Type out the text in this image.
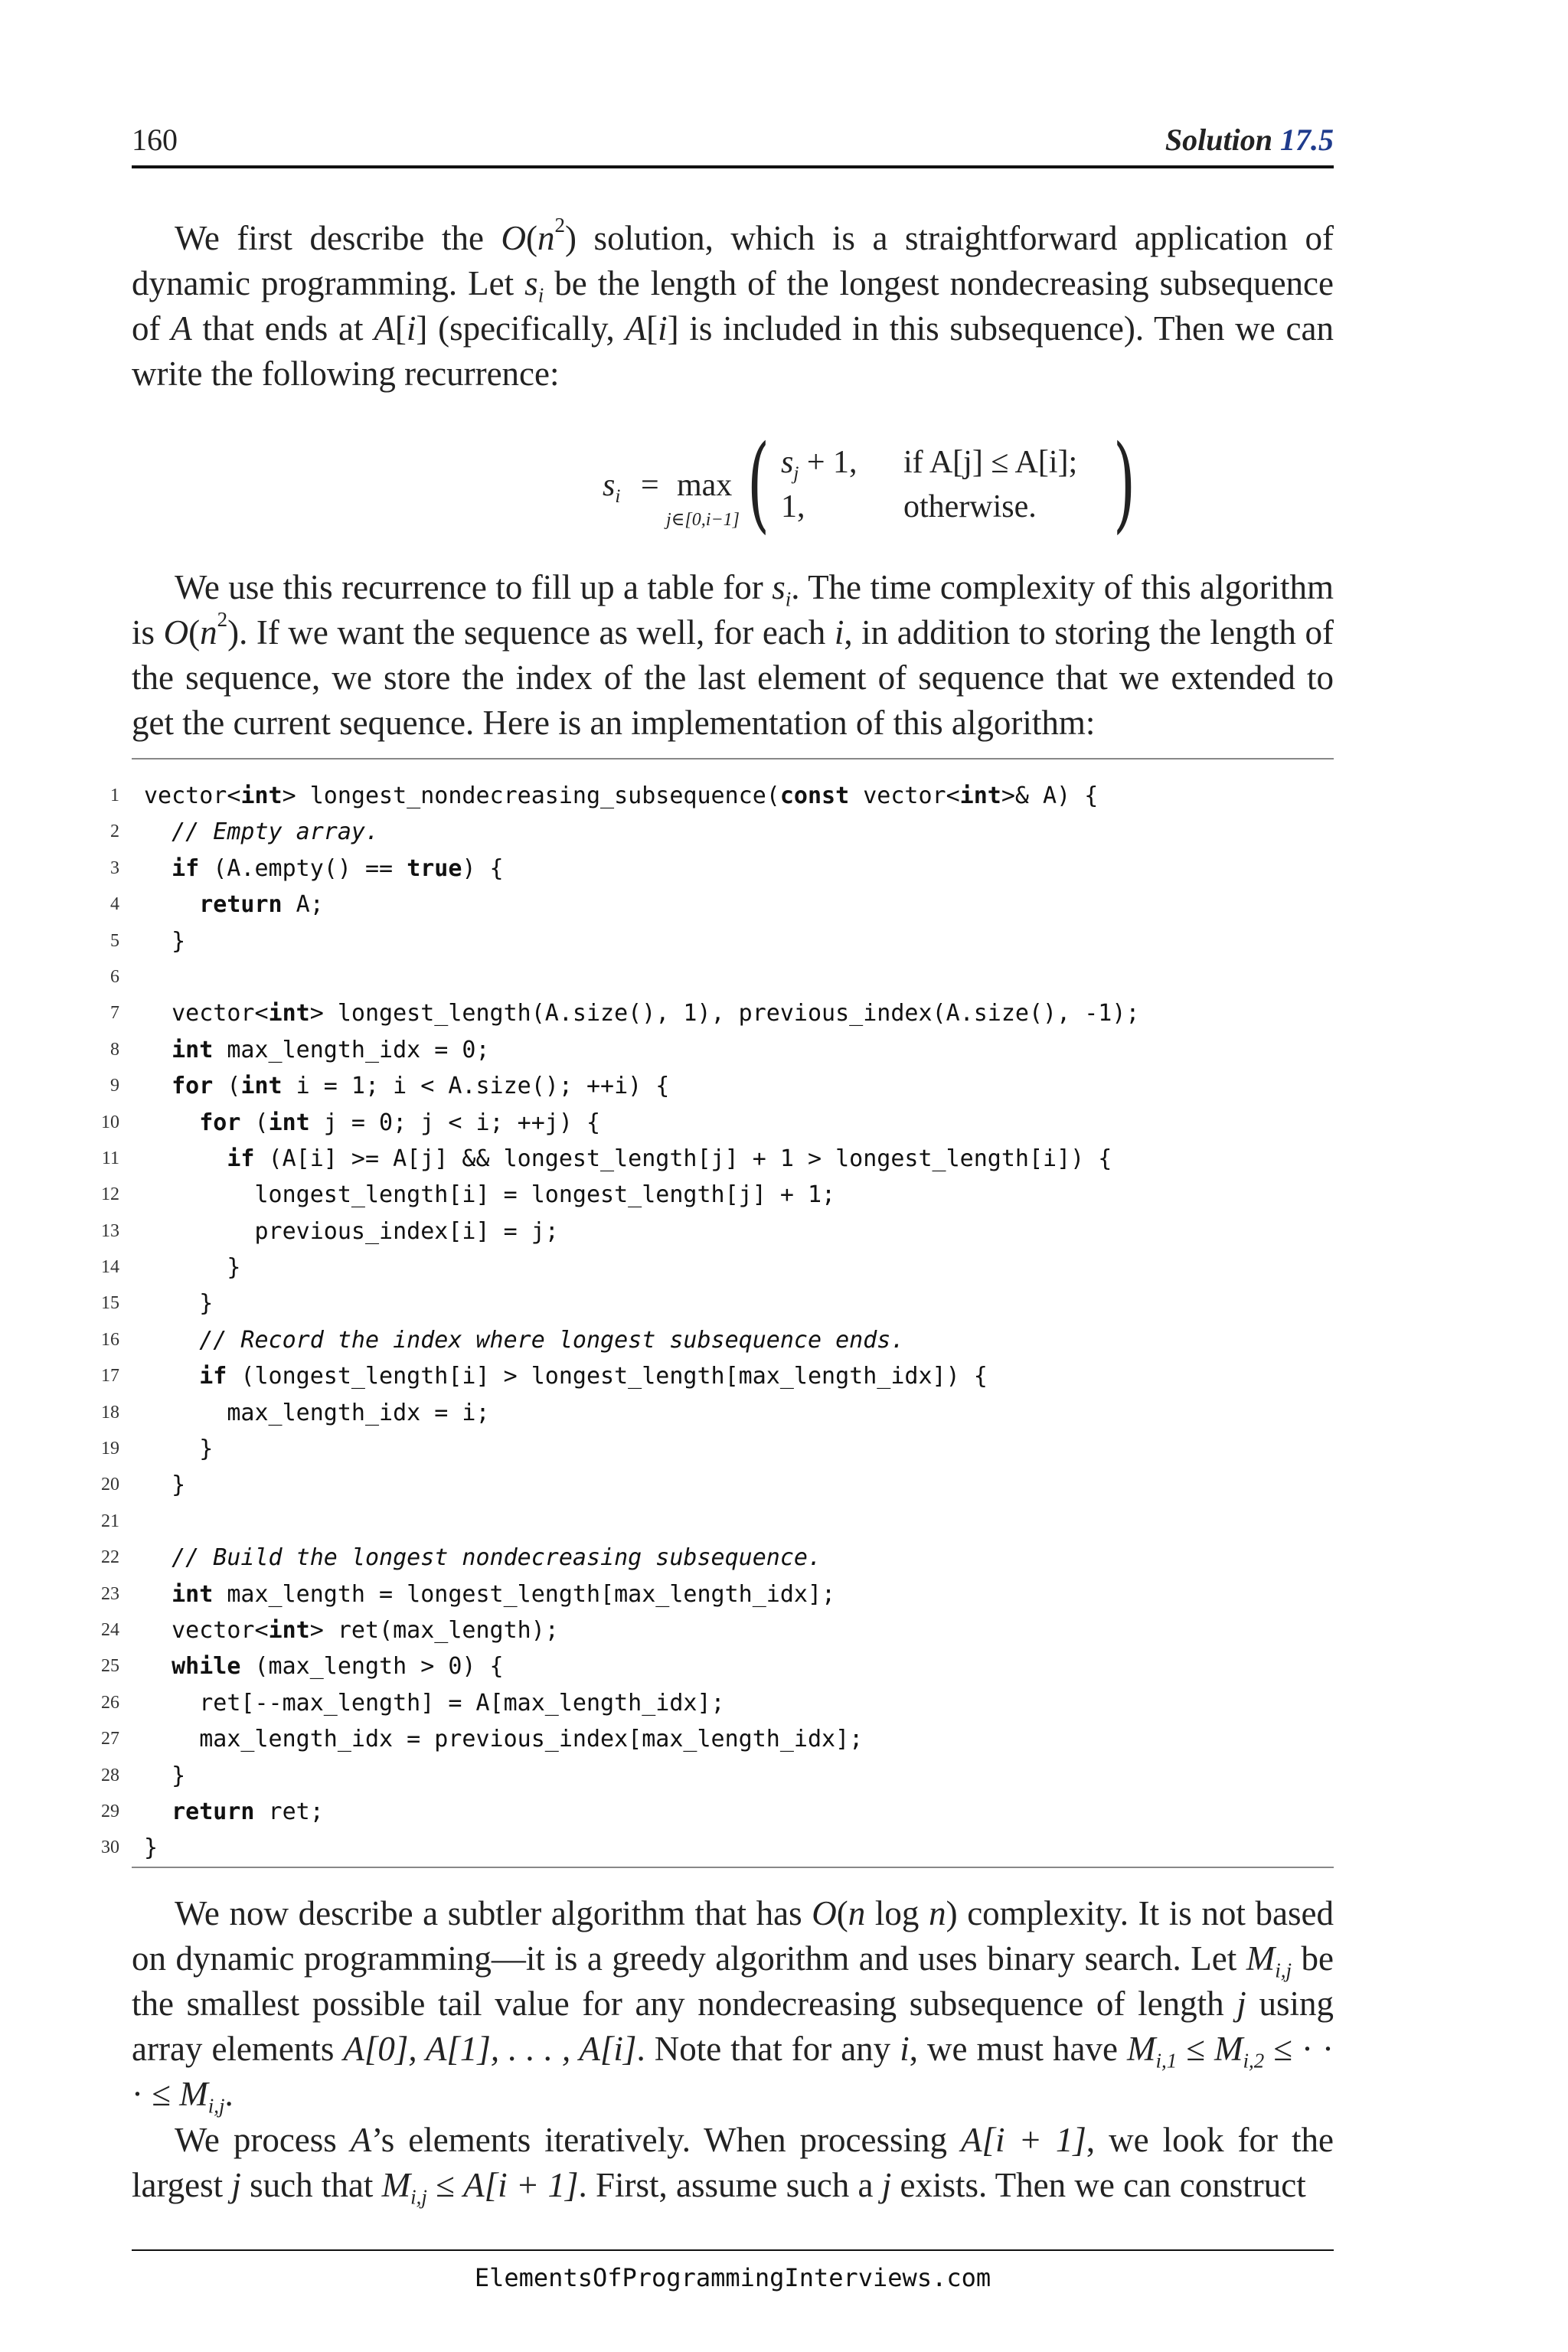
160	Solution 17.5

We first describe the $O(n^2)$ solution, which is a straightforward application of dynamic programming. Let $s_i$ be the length of the longest nondecreasing subsequence of A that ends at A[i] (specifically, A[i] is included in this subsequence). Then we can write the following recurrence:

$s_i = \max$
j∈[0,i−1] ( $s_j + 1$, if A[j] ≤ A[i];
1,	otherwise. )

We use this recurrence to fill up a table for $s_i$. The time complexity of this algorithm is $O(n^2)$. If we want the sequence as well, for each i, in addition to storing the length of the sequence, we store the index of the last element of sequence that we extended to get the current sequence. Here is an implementation of this algorithm:

1 vector<int> longest_nondecreasing_subsequence(const vector<int>& A) {
2	// Empty array.
3	if (A.empty() == true) {
4	return A;
5 }
6
7 vector<int> longest_length(A.size(), 1), previous_index(A.size(), -1);
8	int max_length_idx = 0;
9	for (int i = 1; i < A.size(); ++i) {
10	for (int j = 0; j < i; ++j) {
11	if (A[i] >= A[j] && longest_length[j] + 1 > longest_length[i]) {
12 longest_length[i] = longest_length[j] + 1;
13 previous_index[i] = j;
14 }
15 }
16	// Record the index where longest subsequence ends.
17	if (longest_length[i] > longest_length[max_length_idx]) {
18 max_length_idx = i;
19 }
20 }
21
22	// Build the longest nondecreasing subsequence.
23	int max_length = longest_length[max_length_idx];
24 vector<int> ret(max_length);
25	while (max_length > 0) {
26 ret[--max_length] = A[max_length_idx];
27 max_length_idx = previous_index[max_length_idx];
28 }
29	return ret;
30 }

We now describe a subtler algorithm that has O(n log n) complexity. It is not based on dynamic programming—it is a greedy algorithm and uses binary search. Let $M_{i,j}$ be the smallest possible tail value for any nondecreasing subsequence of length j using array elements A[0], A[1], . . . , A[i]. Note that for any i, we must have $M_{i,1} \le M_{i,2}$ ≤ · · · ≤ $M_{i,j}$.

We process A’s elements iteratively. When processing A[i + 1], we look for the largest j such that $M_{i,j} \le A[i + 1]$. First, assume such a j exists. Then we can construct

ElementsOfProgrammingInterviews.com
